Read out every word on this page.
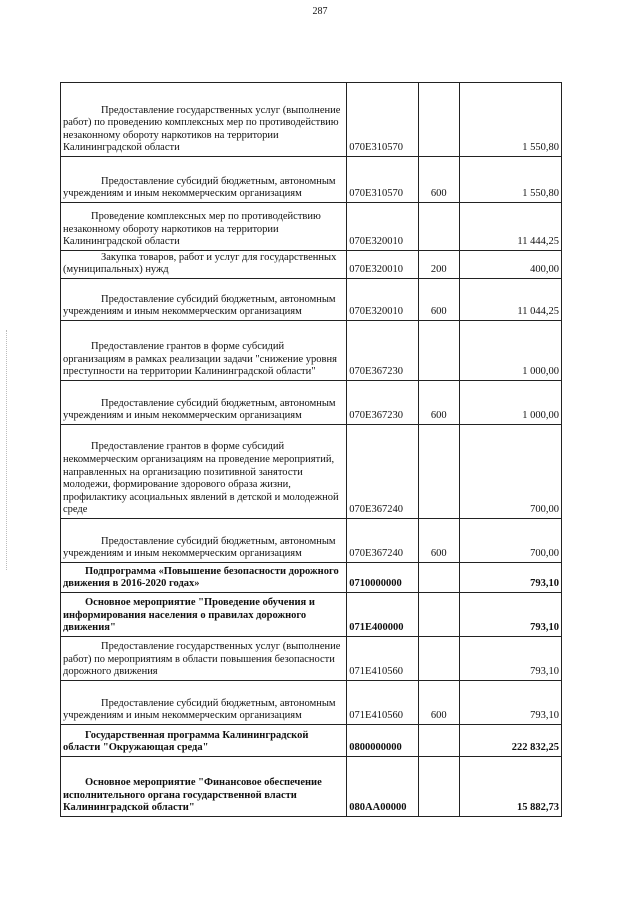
287
Предоставление государственных услуг (выполнение работ) по проведению комплексных мер по противодействию незаконному обороту наркотиков на территории Калининградской области	070Е310570		1 550,80
Предоставление субсидий бюджетным, автономным учреждениям и иным некоммерческим организациям	070Е310570	600	1 550,80
Проведение комплексных мер по противодействию незаконному обороту наркотиков на территории Калининградской области	070Е320010		11 444,25
Закупка товаров, работ и услуг для государственных (муниципальных) нужд	070Е320010	200	400,00
Предоставление субсидий бюджетным, автономным учреждениям и иным некоммерческим организациям	070Е320010	600	11 044,25
Предоставление грантов в форме субсидий организациям в рамках реализации задачи "снижение уровня преступности на территории Калининградской области"	070Е367230		1 000,00
Предоставление субсидий бюджетным, автономным учреждениям и иным некоммерческим организациям	070Е367230	600	1 000,00
Предоставление грантов в форме субсидий некоммерческим организациям на проведение мероприятий, направленных на организацию позитивной занятости молодежи, формирование здорового образа жизни, профилактику асоциальных явлений в детской и молодежной среде	070Е367240		700,00
Предоставление субсидий бюджетным, автономным учреждениям и иным некоммерческим организациям	070Е367240	600	700,00
Подпрограмма «Повышение безопасности дорожного движения в 2016-2020 годах»	0710000000		793,10
Основное мероприятие "Проведение обучения и информирования населения о правилах дорожного движения"	071Е400000		793,10
Предоставление государственных услуг (выполнение работ) по мероприятиям в области повышения безопасности дорожного движения	071Е410560		793,10
Предоставление субсидий бюджетным, автономным учреждениям и иным некоммерческим организациям	071Е410560	600	793,10
Государственная программа Калининградской области "Окружающая среда"	0800000000		222 832,25
Основное мероприятие "Финансовое обеспечение исполнительного органа государственной власти Калининградской области"	080АА00000		15 882,73
